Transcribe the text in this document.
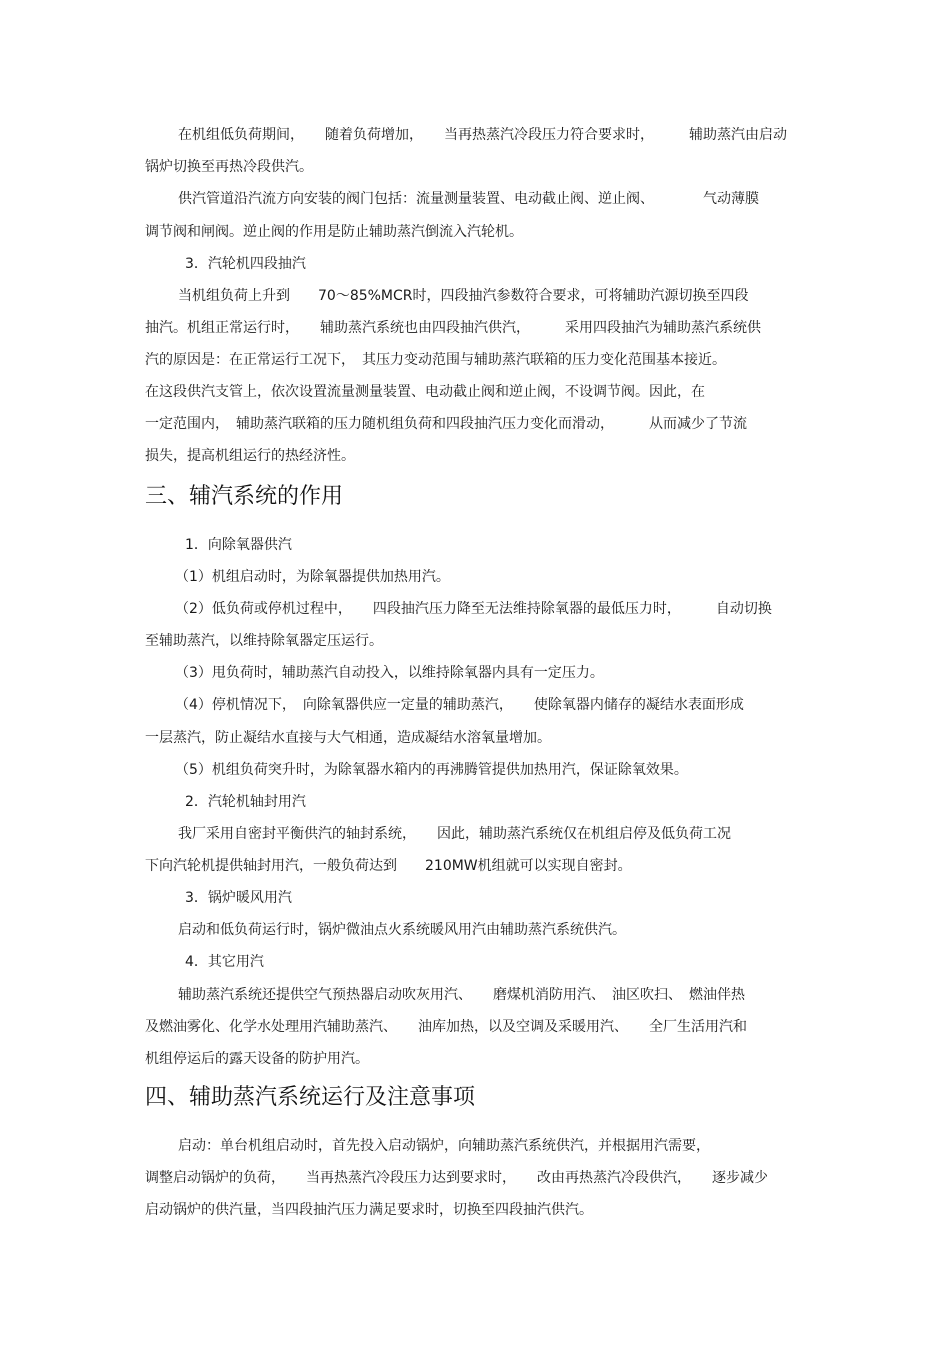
在机组低负荷期间，　　随着负荷增加，　　当再热蒸汽冷段压力符合要求时，　　　辅助蒸汽由启动
锅炉切换至再热冷段供汽。
供汽管道沿汽流方向安装的阀门包括：流量测量装置、电动截止阀、逆止阀、　　　　气动薄膜
调节阀和闸阀。逆止阀的作用是防止辅助蒸汽倒流入汽轮机。
3．汽轮机四段抽汽
当机组负荷上升到　　70～85%MCR时，四段抽汽参数符合要求，可将辅助汽源切换至四段
抽汽。机组正常运行时，　　辅助蒸汽系统也由四段抽汽供汽，　　　采用四段抽汽为辅助蒸汽系统供
汽的原因是：在正常运行工况下，　其压力变动范围与辅助蒸汽联箱的压力变化范围基本接近。
在这段供汽支管上，依次设置流量测量装置、电动截止阀和逆止阀，不设调节阀。因此，在
一定范围内，　辅助蒸汽联箱的压力随机组负荷和四段抽汽压力变化而滑动，　　　从而减少了节流
损失，提高机组运行的热经济性。
三、辅汽系统的作用
1．向除氧器供汽
（1）机组启动时，为除氧器提供加热用汽。
（2）低负荷或停机过程中，　　四段抽汽压力降至无法维持除氧器的最低压力时，　　　自动切换
至辅助蒸汽，以维持除氧器定压运行。
（3）甩负荷时，辅助蒸汽自动投入，以维持除氧器内具有一定压力。
（4）停机情况下，　向除氧器供应一定量的辅助蒸汽，　　使除氧器内储存的凝结水表面形成
一层蒸汽，防止凝结水直接与大气相通，造成凝结水溶氧量增加。
（5）机组负荷突升时，为除氧器水箱内的再沸腾管提供加热用汽，保证除氧效果。
2．汽轮机轴封用汽
我厂采用自密封平衡供汽的轴封系统，　　因此，辅助蒸汽系统仅在机组启停及低负荷工况
下向汽轮机提供轴封用汽，一般负荷达到　　210MW机组就可以实现自密封。
3．锅炉暖风用汽
启动和低负荷运行时，锅炉微油点火系统暖风用汽由辅助蒸汽系统供汽。
4．其它用汽
辅助蒸汽系统还提供空气预热器启动吹灰用汽、　　磨煤机消防用汽、　油区吹扫、　燃油伴热
及燃油雾化、化学水处理用汽辅助蒸汽、　　油库加热，以及空调及采暖用汽、　　全厂生活用汽和
机组停运后的露天设备的防护用汽。
四、辅助蒸汽系统运行及注意事项
启动：单台机组启动时，首先投入启动锅炉，向辅助蒸汽系统供汽，并根据用汽需要，
调整启动锅炉的负荷，　　当再热蒸汽冷段压力达到要求时，　　改由再热蒸汽冷段供汽，　　逐步减少
启动锅炉的供汽量，当四段抽汽压力满足要求时，切换至四段抽汽供汽。
